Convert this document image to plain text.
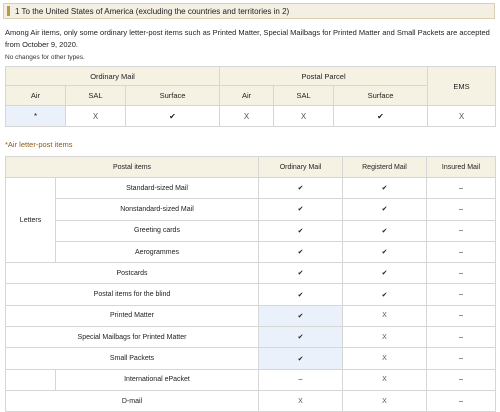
1 To the United States of America (excluding the countries and territories in 2)
Among Air items, only some ordinary letter-post items such as Printed Matter, Special Mailbags for Printed Matter and Small Packets are accepted from October 9, 2020.
No changes for other types.
Ordinary Mail			Postal Parcel			EMS
Air	SAL	Surface	Air	SAL	Surface	
*	X	✔	X	X	✔	X
*Air letter-post items
Postal items		Ordinary Mail	Registerd Mail	Insured Mail
Letters	Standard-sized Mail	✔	✔	–
	Nonstandard-sized Mail	✔	✔	–
	Greeting cards	✔	✔	–
	Aerogrammes	✔	✔	–
Postcards		✔	✔	–
Postal items for the blind		✔	✔	–
Printed Matter		✔	X	–
Special Mailbags for Printed Matter		✔	X	–
Small Packets		✔	X	–
	International ePacket	–	X	–
D-mail		X	X	–
